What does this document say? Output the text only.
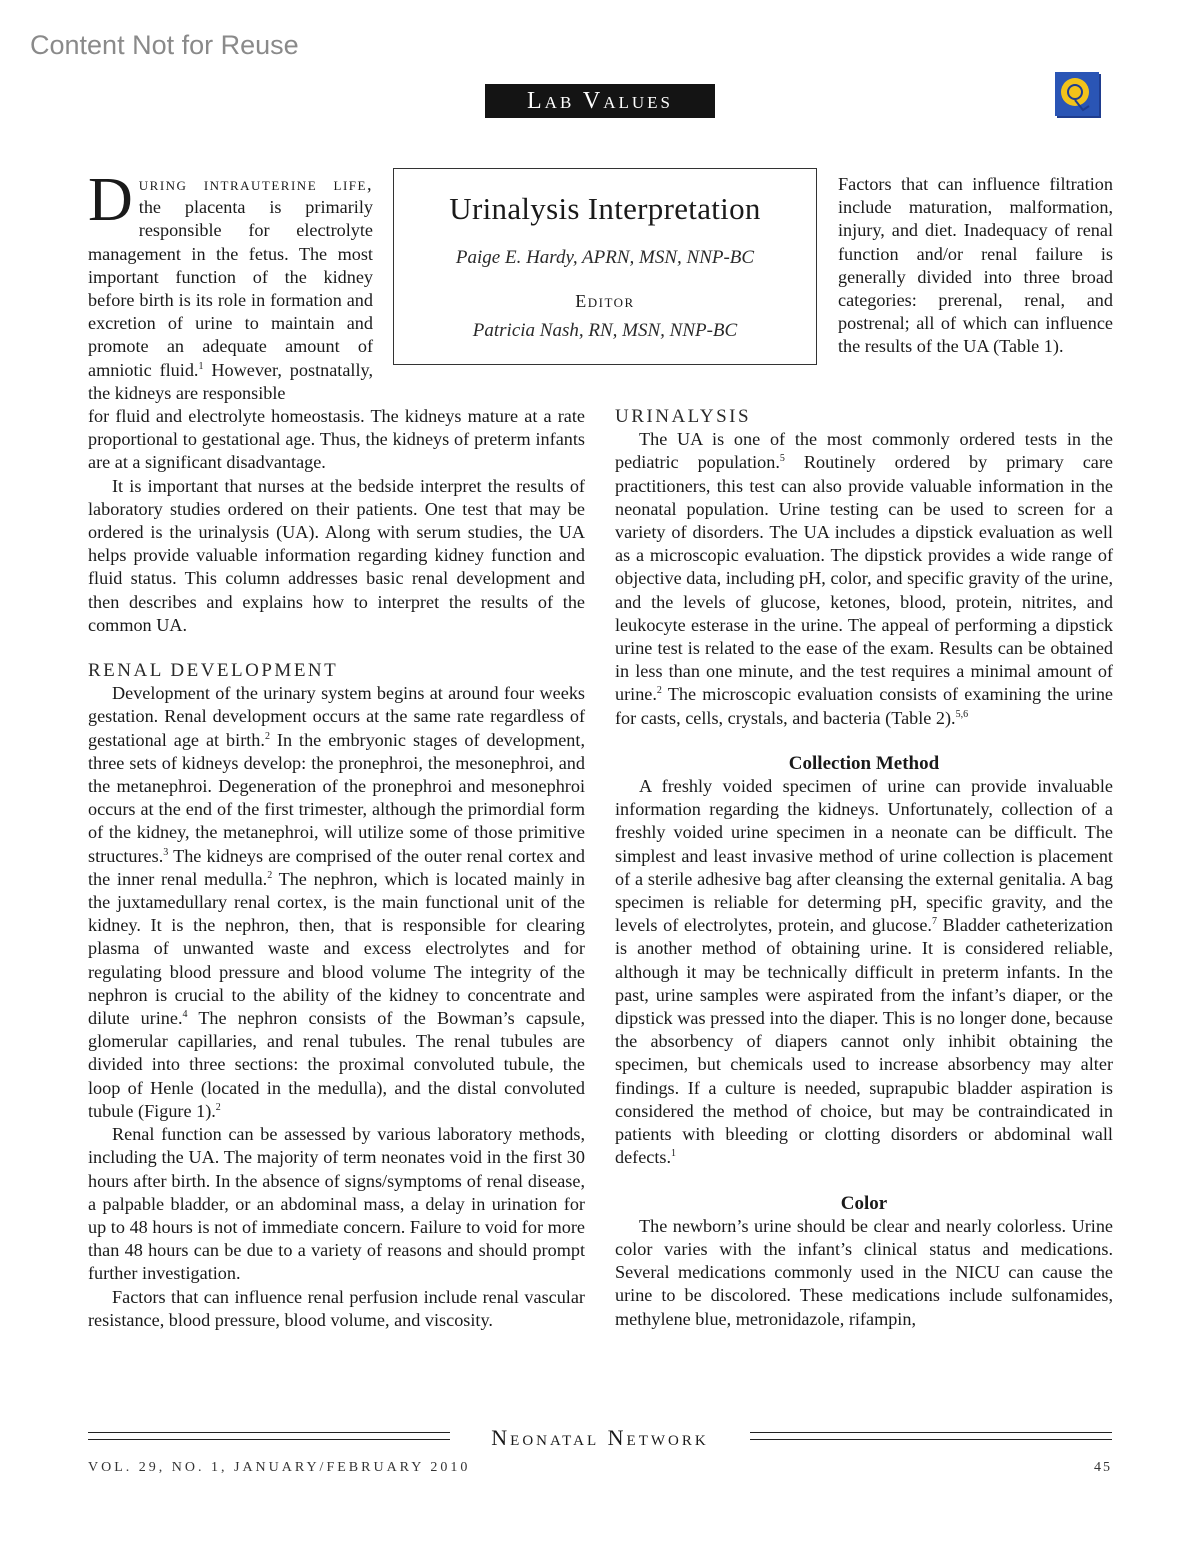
Content Not for Reuse
Lab Values

During intrauterine life, the placenta is primarily responsible for electrolyte management in the fetus. The most important function of the kidney before birth is its role in formation and excretion of urine to maintain and promote an adequate amount of amniotic fluid.$^1$ However, postnatally, the kidneys are responsible

Urinalysis Interpretation
Paige E. Hardy, APRN, MSN, NNP-BC
Editor
Patricia Nash, RN, MSN, NNP-BC

Factors that can influence filtration include maturation, malformation, injury, and diet. Inadequacy of renal function and/or renal failure is generally divided into three broad categories: prerenal, renal, and postrenal; all of which can influence the results of the UA (Table 1).

for fluid and electrolyte homeostasis. The kidneys mature at a rate proportional to gestational age. Thus, the kidneys of preterm infants are at a significant disadvantage.

It is important that nurses at the bedside interpret the results of laboratory studies ordered on their patients. One test that may be ordered is the urinalysis (UA). Along with serum studies, the UA helps provide valuable information regarding kidney function and fluid status. This column addresses basic renal development and then describes and explains how to interpret the results of the common UA.

RENAL DEVELOPMENT

Development of the urinary system begins at around four weeks gestation. Renal development occurs at the same rate regardless of gestational age at birth.$^2$ In the embryonic stages of development, three sets of kidneys develop: the pronephroi, the mesonephroi, and the metanephroi. Degeneration of the pronephroi and mesonephroi occurs at the end of the first trimester, although the primordial form of the kidney, the metanephroi, will utilize some of those primitive structures.$^3$ The kidneys are comprised of the outer renal cortex and the inner renal medulla.$^2$ The nephron, which is located mainly in the juxtamedullary renal cortex, is the main functional unit of the kidney. It is the nephron, then, that is responsible for clearing plasma of unwanted waste and excess electrolytes and for regulating blood pressure and blood volume The integrity of the nephron is crucial to the ability of the kidney to concentrate and dilute urine.$^4$ The nephron consists of the Bowman’s capsule, glomerular capillaries, and renal tubules. The renal tubules are divided into three sections: the proximal convoluted tubule, the loop of Henle (located in the medulla), and the distal convoluted tubule (Figure 1).$^2$

Renal function can be assessed by various laboratory methods, including the UA. The majority of term neonates void in the first 30 hours after birth. In the absence of signs/symptoms of renal disease, a palpable bladder, or an abdominal mass, a delay in urination for up to 48 hours is not of immediate concern. Failure to void for more than 48 hours can be due to a variety of reasons and should prompt further investigation.

Factors that can influence renal perfusion include renal vascular resistance, blood pressure, blood volume, and viscosity.

URINALYSIS

The UA is one of the most commonly ordered tests in the pediatric population.$^5$ Routinely ordered by primary care practitioners, this test can also provide valuable information in the neonatal population. Urine testing can be used to screen for a variety of disorders. The UA includes a dipstick evaluation as well as a microscopic evaluation. The dipstick provides a wide range of objective data, including pH, color, and specific gravity of the urine, and the levels of glucose, ketones, blood, protein, nitrites, and leukocyte esterase in the urine. The appeal of performing a dipstick urine test is related to the ease of the exam. Results can be obtained in less than one minute, and the test requires a minimal amount of urine.$^2$ The microscopic evaluation consists of examining the urine for casts, cells, crystals, and bacteria (Table 2).$^{5,6}$

Collection Method

A freshly voided specimen of urine can provide invaluable information regarding the kidneys. Unfortunately, collection of a freshly voided urine specimen in a neonate can be difficult. The simplest and least invasive method of urine collection is placement of a sterile adhesive bag after cleansing the external genitalia. A bag specimen is reliable for determing pH, specific gravity, and the levels of electrolytes, protein, and glucose.$^7$ Bladder catheterization is another method of obtaining urine. It is considered reliable, although it may be technically difficult in preterm infants. In the past, urine samples were aspirated from the infant’s diaper, or the dipstick was pressed into the diaper. This is no longer done, because the absorbency of diapers cannot only inhibit obtaining the specimen, but chemicals used to increase absorbency may alter findings. If a culture is needed, suprapubic bladder aspiration is considered the method of choice, but may be contraindicated in patients with bleeding or clotting disorders or abdominal wall defects.$^1$

Color

The newborn’s urine should be clear and nearly colorless. Urine color varies with the infant’s clinical status and medications. Several medications commonly used in the NICU can cause the urine to be discolored. These medications include sulfonamides, methylene blue, metronidazole, rifampin,

Neonatal Network
VOL. 29, NO. 1, JANUARY/FEBRUARY 2010	45
